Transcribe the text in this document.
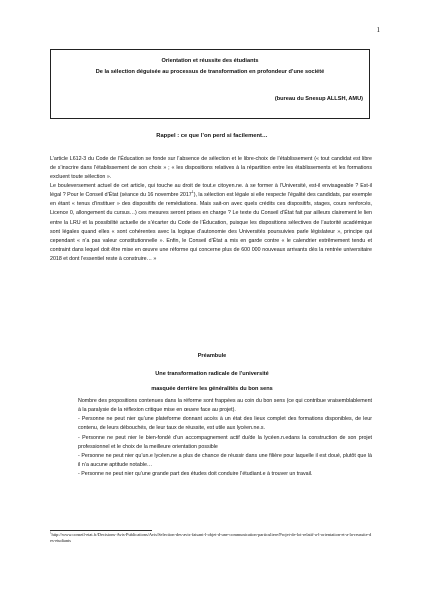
1
Orientation et réussite des étudiants
De la sélection déguisée au processus de transformation en profondeur d’une société
(bureau du Snesup ALLSH, AMU)
Rappel : ce que l’on perd si facilement…

L’article L612-3 du Code de l’Éducation se fonde sur l’absence de sélection et le libre-choix de l’établissement (« tout candidat est libre de s’inscrire dans l’établissement de son choix » ; « les dispositions relatives à la répartition entre les établissements et les formations excluent toute sélection ».
Le bouleversement actuel de cet article, qui touche au droit de tout.e citoyen.ne. à se former à l’Université, est-il envisageable ? Est-il légal ? Pour le Conseil d’État (séance du 16 novembre 2017$^1$), la sélection est légale si elle respecte l’égalité des candidats, par exemple en étant « tenus d’instituer » des dispositifs de remédiations. Mais sait-on avec quels crédits ces dispositifs, stages, cours renforcés, Licence 0, allongement du cursus…) ces mesures seront prises en charge ? Le texte du Conseil d’État fait par ailleurs clairement le lien entre la LRU et la possibilité actuelle de s’écarter du Code de l’Éducation, puisque les dispositions sélectives de l’autorité académique sont légales quand elles « sont cohérentes avec la logique d’autonomie des Universités poursuivies parle législateur », principe qui cependant « n’a pas valeur constitutionnelle ». Enfin, le Conseil d’État a mis en garde contre « le calendrier extrêmement tendu et contraint dans lequel doit être mise en œuvre une réforme qui concerne plus de 600 000 nouveaux arrivants dès la rentrée universitaire 2018 et dont l’essentiel reste à construire… »

Préambule
Une transformation radicale de l’université
masquée derrière les généralités du bon sens

Nombre des propositions contenues dans la réforme sont frappées au coin du bon sens (ce qui contribue vraisemblablement à la paralysie de la réflexion critique mise en œuvre face au projet).
- Personne ne peut nier qu’une plateforme donnant accès à un état des lieux complet des formations disponibles, de leur contenu, de leurs débouchés, de leur taux de réussite, est utile aux lycéen.ne.s.
- Personne ne peut nier le bien-fondé d’un accompagnement actif du/de la lycéen.n.edans la construction de son projet professionnel et le choix de la meilleure orientation possible
- Personne ne peut nier qu’un.e lycéen.ne a plus de chance de réussir dans une filière pour laquelle il est doué, plutôt que là il n’a aucune aptitude notable…
- Personne ne peut nier qu’une grande part des études doit conduire l’étudiant.e à trouver un travail.

$^1$http://www.conseil-etat.fr/Decisions-Avis-Publications/Avis/Selection-des-avis-faisant-l-objet-d-une-communication-particuliere/Projet-de-loi-relatif-a-l-orientation-et-a-la-reussite-des-etudiants
